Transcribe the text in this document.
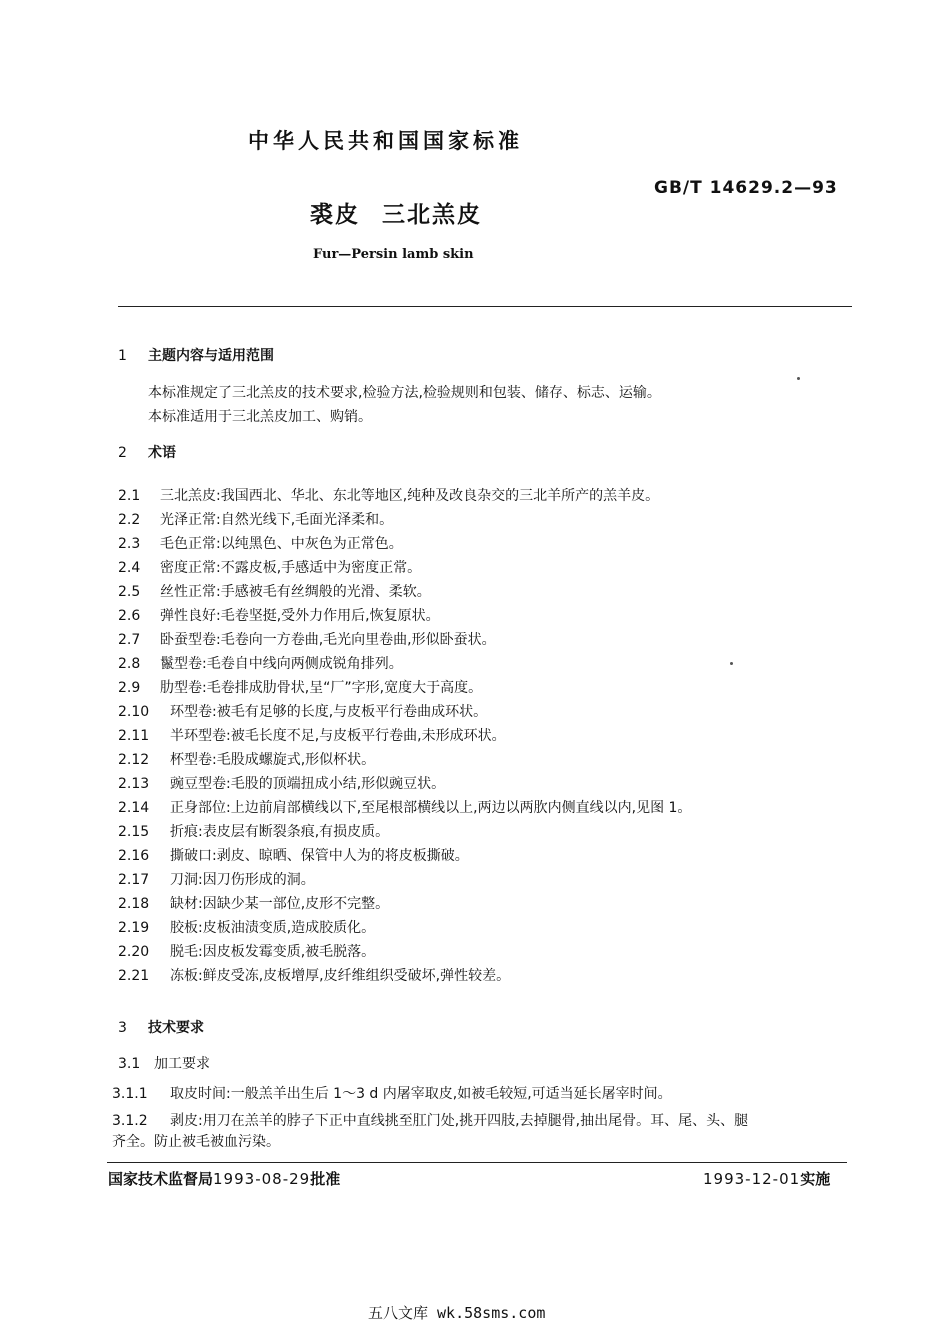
中华人民共和国国家标准
GB/T 14629.2—93
裘皮 三北羔皮
Fur—Persin lamb skin
1 主题内容与适用范围
本标准规定了三北羔皮的技术要求,检验方法,检验规则和包装、储存、标志、运输。
本标准适用于三北羔皮加工、购销。
2 术语
2.1 三北羔皮:我国西北、华北、东北等地区,纯种及改良杂交的三北羊所产的羔羊皮。
2.2 光泽正常:自然光线下,毛面光泽柔和。
2.3 毛色正常:以纯黑色、中灰色为正常色。
2.4 密度正常:不露皮板,手感适中为密度正常。
2.5 丝性正常:手感被毛有丝绸般的光滑、柔软。
2.6 弹性良好:毛卷坚挺,受外力作用后,恢复原状。
2.7 卧蚕型卷:毛卷向一方卷曲,毛光向里卷曲,形似卧蚕状。
2.8 鬣型卷:毛卷自中线向两侧成锐角排列。
2.9 肋型卷:毛卷排成肋骨状,呈“厂”字形,宽度大于高度。
2.10 环型卷:被毛有足够的长度,与皮板平行卷曲成环状。
2.11 半环型卷:被毛长度不足,与皮板平行卷曲,未形成环状。
2.12 杯型卷:毛股成螺旋式,形似杯状。
2.13 豌豆型卷:毛股的顶端扭成小结,形似豌豆状。
2.14 正身部位:上边前肩部横线以下,至尾根部横线以上,两边以两肷内侧直线以内,见图 1。
2.15 折痕:表皮层有断裂条痕,有损皮质。
2.16 撕破口:剥皮、晾晒、保管中人为的将皮板撕破。
2.17 刀洞:因刀伤形成的洞。
2.18 缺材:因缺少某一部位,皮形不完整。
2.19 胶板:皮板油渍变质,造成胶质化。
2.20 脱毛:因皮板发霉变质,被毛脱落。
2.21 冻板:鲜皮受冻,皮板增厚,皮纤维组织受破坏,弹性较差。
3 技术要求
3.1 加工要求
3.1.1 取皮时间:一般羔羊出生后 1～3 d 内屠宰取皮,如被毛较短,可适当延长屠宰时间。
3.1.2 剥皮:用刀在羔羊的脖子下正中直线挑至肛门处,挑开四肢,去掉腿骨,抽出尾骨。耳、尾、头、腿
齐全。防止被毛被血污染。
国家技术监督局1993-08-29批准	1993-12-01实施
五八文库 wk.58sms.com
